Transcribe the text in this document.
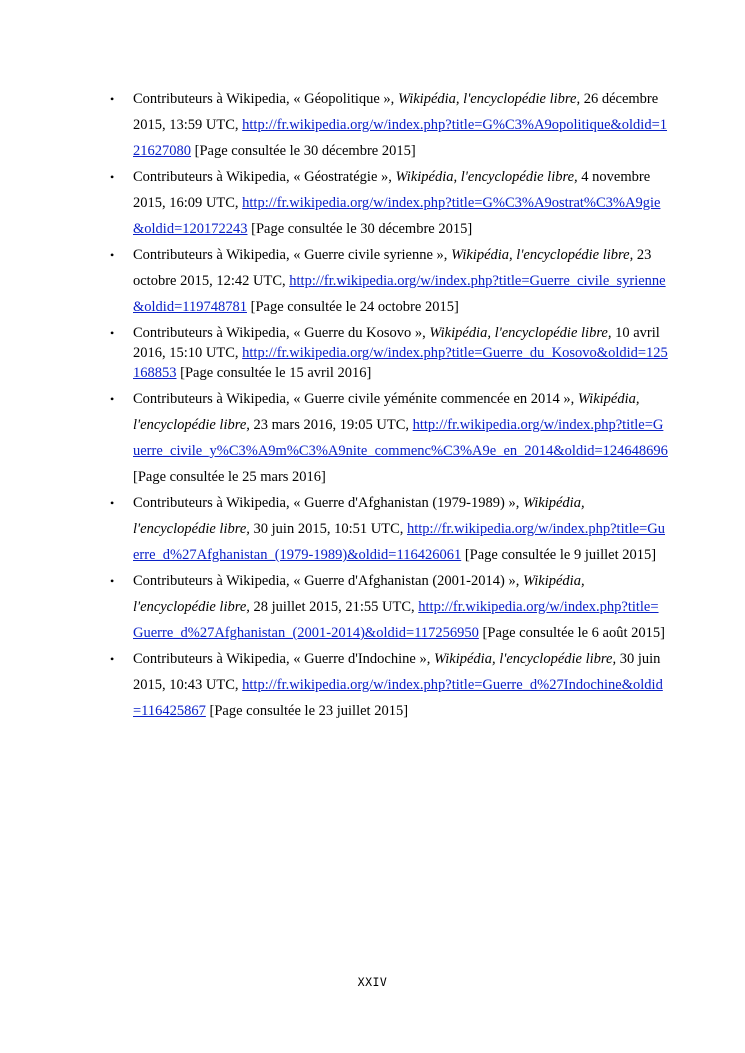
• Contributeurs à Wikipedia, « Géopolitique », Wikipédia, l'encyclopédie libre, 26 décembre 2015, 13:59 UTC, http://fr.wikipedia.org/w/index.php?title=G%C3%A9opolitique&oldid=121627080 [Page consultée le 30 décembre 2015]
• Contributeurs à Wikipedia, « Géostratégie », Wikipédia, l'encyclopédie libre, 4 novembre 2015, 16:09 UTC, http://fr.wikipedia.org/w/index.php?title=G%C3%A9ostrat%C3%A9gie&oldid=120172243 [Page consultée le 30 décembre 2015]
• Contributeurs à Wikipedia, « Guerre civile syrienne », Wikipédia, l'encyclopédie libre, 23 octobre 2015, 12:42 UTC, http://fr.wikipedia.org/w/index.php?title=Guerre_civile_syrienne&oldid=119748781 [Page consultée le 24 octobre 2015]
• Contributeurs à Wikipedia, « Guerre du Kosovo », Wikipédia, l'encyclopédie libre, 10 avril 2016, 15:10 UTC, http://fr.wikipedia.org/w/index.php?title=Guerre_du_Kosovo&oldid=125168853 [Page consultée le 15 avril 2016]
• Contributeurs à Wikipedia, « Guerre civile yéménite commencée en 2014 », Wikipédia, l'encyclopédie libre, 23 mars 2016, 19:05 UTC, http://fr.wikipedia.org/w/index.php?title=Guerre_civile_y%C3%A9m%C3%A9nite_commenc%C3%A9e_en_2014&oldid=124648696 [Page consultée le 25 mars 2016]
• Contributeurs à Wikipedia, « Guerre d'Afghanistan (1979-1989) », Wikipédia, l'encyclopédie libre, 30 juin 2015, 10:51 UTC, http://fr.wikipedia.org/w/index.php?title=Guerre_d%27Afghanistan_(1979-1989)&oldid=116426061 [Page consultée le 9 juillet 2015]
• Contributeurs à Wikipedia, « Guerre d'Afghanistan (2001-2014) », Wikipédia, l'encyclopédie libre, 28 juillet 2015, 21:55 UTC, http://fr.wikipedia.org/w/index.php?title=Guerre_d%27Afghanistan_(2001-2014)&oldid=117256950 [Page consultée le 6 août 2015]
• Contributeurs à Wikipedia, « Guerre d'Indochine », Wikipédia, l'encyclopédie libre, 30 juin 2015, 10:43 UTC, http://fr.wikipedia.org/w/index.php?title=Guerre_d%27Indochine&oldid=116425867 [Page consultée le 23 juillet 2015]
XXIV
